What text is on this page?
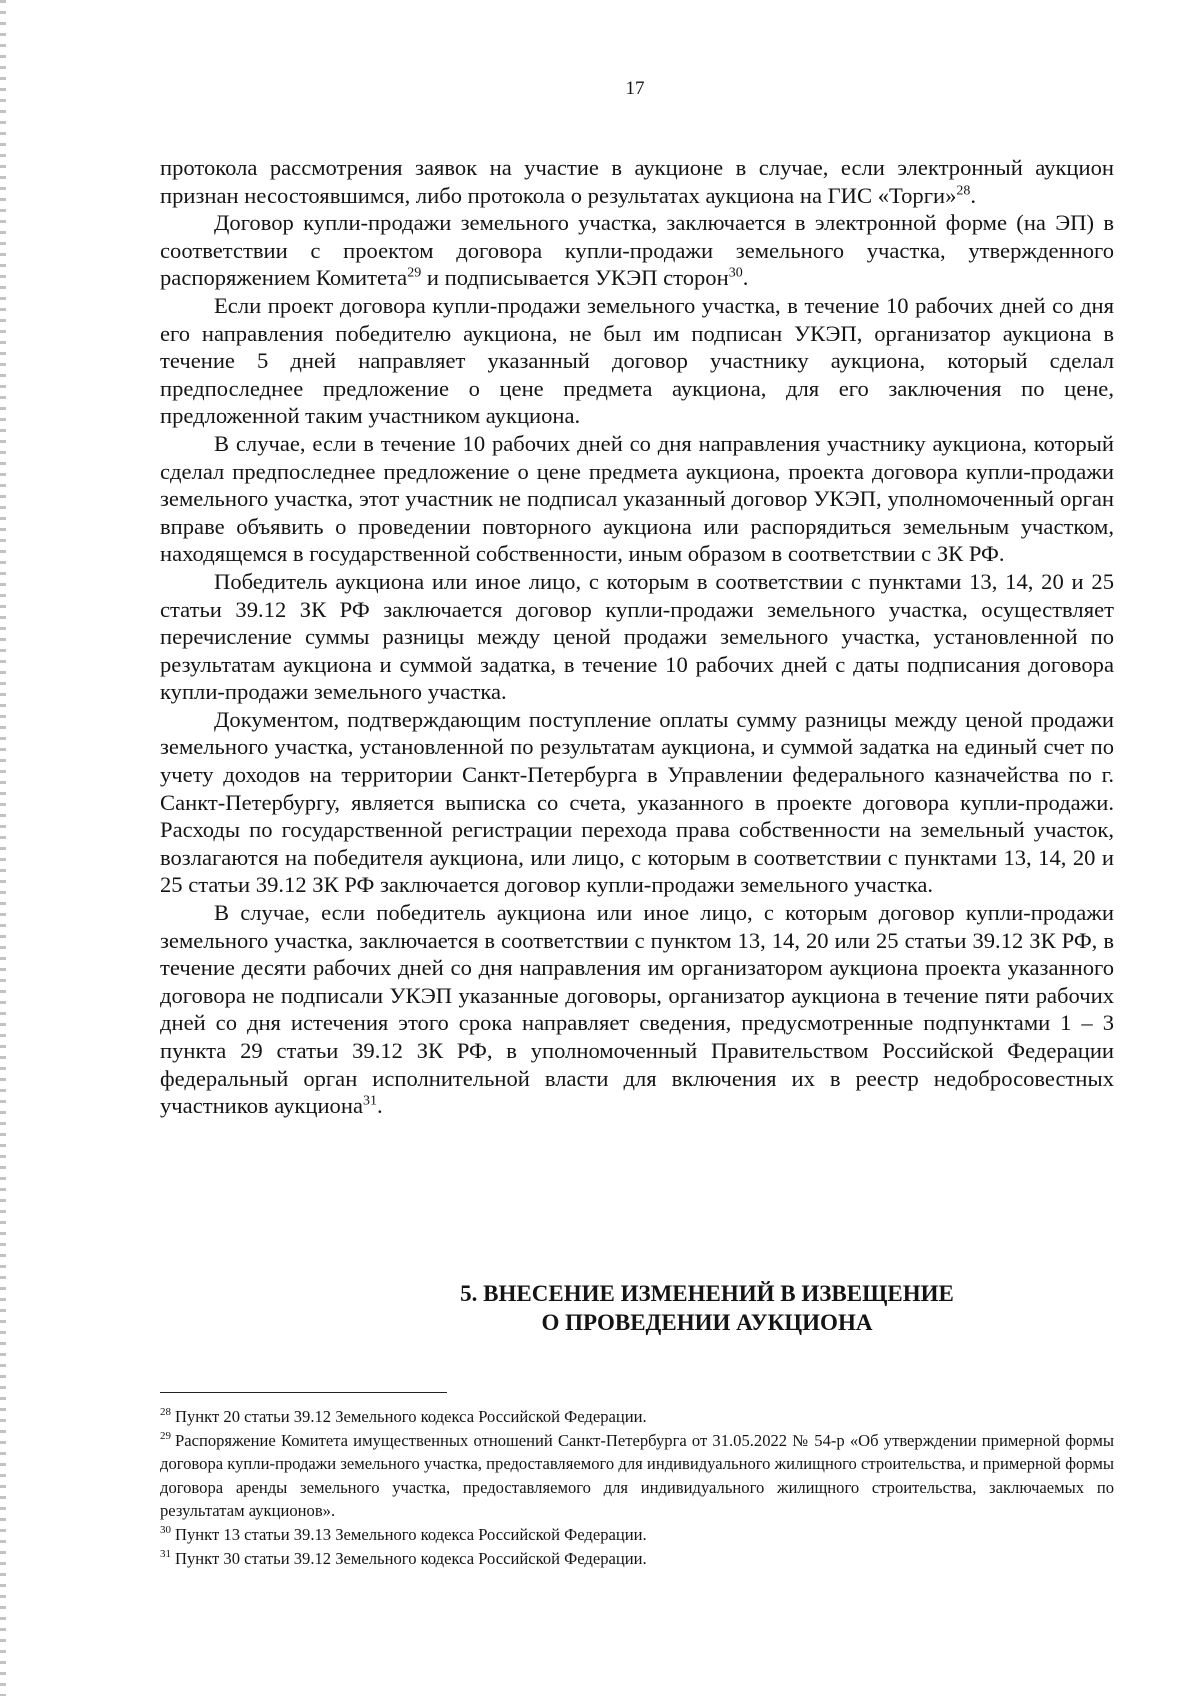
17

протокола рассмотрения заявок на участие в аукционе в случае, если электронный аукцион признан несостоявшимся, либо протокола о результатах аукциона на ГИС «Торги»$^{28}$.

Договор купли-продажи земельного участка, заключается в электронной форме (на ЭП) в соответствии с проектом договора купли-продажи земельного участка, утвержденного распоряжением Комитета$^{29}$ и подписывается УКЭП сторон$^{30}$.

Если проект договора купли-продажи земельного участка, в течение 10 рабочих дней со дня его направления победителю аукциона, не был им подписан УКЭП, организатор аукциона в течение 5 дней направляет указанный договор участнику аукциона, который сделал предпоследнее предложение о цене предмета аукциона, для его заключения по цене, предложенной таким участником аукциона.

В случае, если в течение 10 рабочих дней со дня направления участнику аукциона, который сделал предпоследнее предложение о цене предмета аукциона, проекта договора купли-продажи земельного участка, этот участник не подписал указанный договор УКЭП, уполномоченный орган вправе объявить о проведении повторного аукциона или распорядиться земельным участком, находящемся в государственной собственности, иным образом в соответствии с ЗК РФ.

Победитель аукциона или иное лицо, с которым в соответствии с пунктами 13, 14, 20 и 25 статьи 39.12 ЗК РФ заключается договор купли-продажи земельного участка, осуществляет перечисление суммы разницы между ценой продажи земельного участка, установленной по результатам аукциона и суммой задатка, в течение 10 рабочих дней с даты подписания договора купли-продажи земельного участка.

Документом, подтверждающим поступление оплаты сумму разницы между ценой продажи земельного участка, установленной по результатам аукциона, и суммой задатка на единый счет по учету доходов на территории Санкт-Петербурга в Управлении федерального казначейства по г. Санкт-Петербургу, является выписка со счета, указанного в проекте договора купли-продажи. Расходы по государственной регистрации перехода права собственности на земельный участок, возлагаются на победителя аукциона, или лицо, с которым в соответствии с пунктами 13, 14, 20 и 25 статьи 39.12 ЗК РФ заключается договор купли-продажи земельного участка.

В случае, если победитель аукциона или иное лицо, с которым договор купли-продажи земельного участка, заключается в соответствии с пунктом 13, 14, 20 или 25 статьи 39.12 ЗК РФ, в течение десяти рабочих дней со дня направления им организатором аукциона проекта указанного договора не подписали УКЭП указанные договоры, организатор аукциона в течение пяти рабочих дней со дня истечения этого срока направляет сведения, предусмотренные подпунктами 1 – 3 пункта 29 статьи 39.12 ЗК РФ, в уполномоченный Правительством Российской Федерации федеральный орган исполнительной власти для включения их в реестр недобросовестных участников аукциона$^{31}$.

5. ВНЕСЕНИЕ ИЗМЕНЕНИЙ В ИЗВЕЩЕНИЕ
О ПРОВЕДЕНИИ АУКЦИОНА

$^{28}$ Пункт 20 статьи 39.12 Земельного кодекса Российской Федерации.

$^{29}$ Распоряжение Комитета имущественных отношений Санкт-Петербурга от 31.05.2022 № 54-р «Об утверждении примерной формы договора купли-продажи земельного участка, предоставляемого для индивидуального жилищного строительства, и примерной формы договора аренды земельного участка, предоставляемого для индивидуального жилищного строительства, заключаемых по результатам аукционов».

$^{30}$ Пункт 13 статьи 39.13 Земельного кодекса Российской Федерации.

$^{31}$ Пункт 30 статьи 39.12 Земельного кодекса Российской Федерации.
